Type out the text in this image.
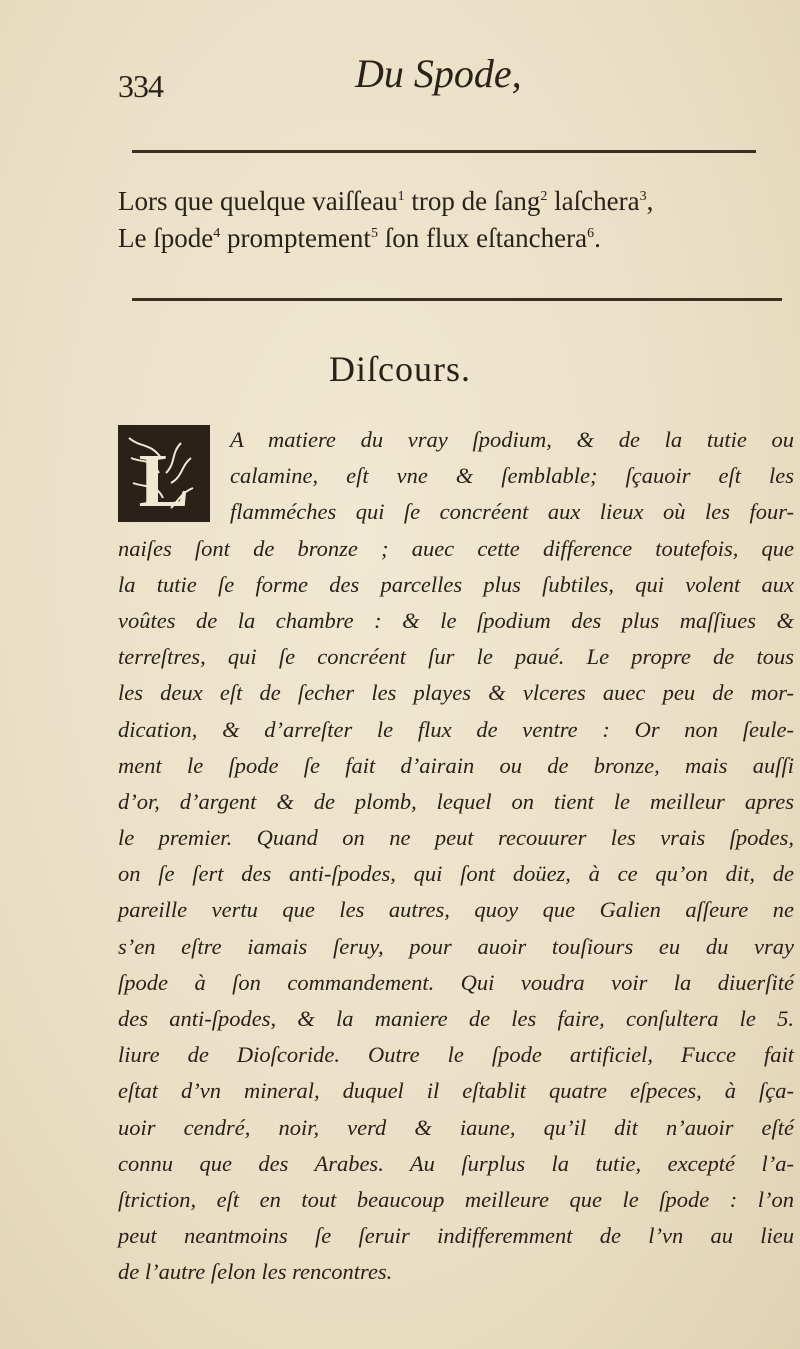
334	Du Spode,
Lors que quelque vaiſſeau$^1$ trop de ſang$^2$ laſchera$^3$,
Le ſpode$^4$ promptement$^5$ ſon flux eſtanchera$^6$.
Diſcours.
L	A matiere du vray ſpodium, & de la tutie ou
calamine, eſt vne & ſemblable; ſçauoir eſt les
flamméches qui ſe concréent aux lieux où les four-
naiſes ſont de bronze ; auec cette difference toutefois, que
la tutie ſe forme des parcelles plus ſubtiles, qui volent aux
voûtes de la chambre : & le ſpodium des plus maſſiues &
terreſtres, qui ſe concréent ſur le paué. Le propre de tous
les deux eſt de ſecher les playes & vlceres auec peu de mor-
dication, & d’arreſter le flux de ventre : Or non ſeule-
ment le ſpode ſe fait d’airain ou de bronze, mais auſſi
d’or, d’argent & de plomb, lequel on tient le meilleur apres
le premier. Quand on ne peut recouurer les vrais ſpodes,
on ſe ſert des anti-ſpodes, qui ſont doüez, à ce qu’on dit, de
pareille vertu que les autres, quoy que Galien aſſeure ne
s’en eſtre iamais ſeruy, pour auoir touſiours eu du vray
ſpode à ſon commandement. Qui voudra voir la diuerſité
des anti-ſpodes, & la maniere de les faire, conſultera le 5.
liure de Dioſcoride. Outre le ſpode artificiel, Fucce fait
eſtat d’vn mineral, duquel il eſtablit quatre eſpeces, à ſça-
uoir cendré, noir, verd & iaune, qu’il dit n’auoir eſté
connu que des Arabes. Au ſurplus la tutie, excepté l’a-
ſtriction, eſt en tout beaucoup meilleure que le ſpode : l’on
peut neantmoins ſe ſeruir indifferemment de l’vn au lieu
de l’autre ſelon les rencontres.
